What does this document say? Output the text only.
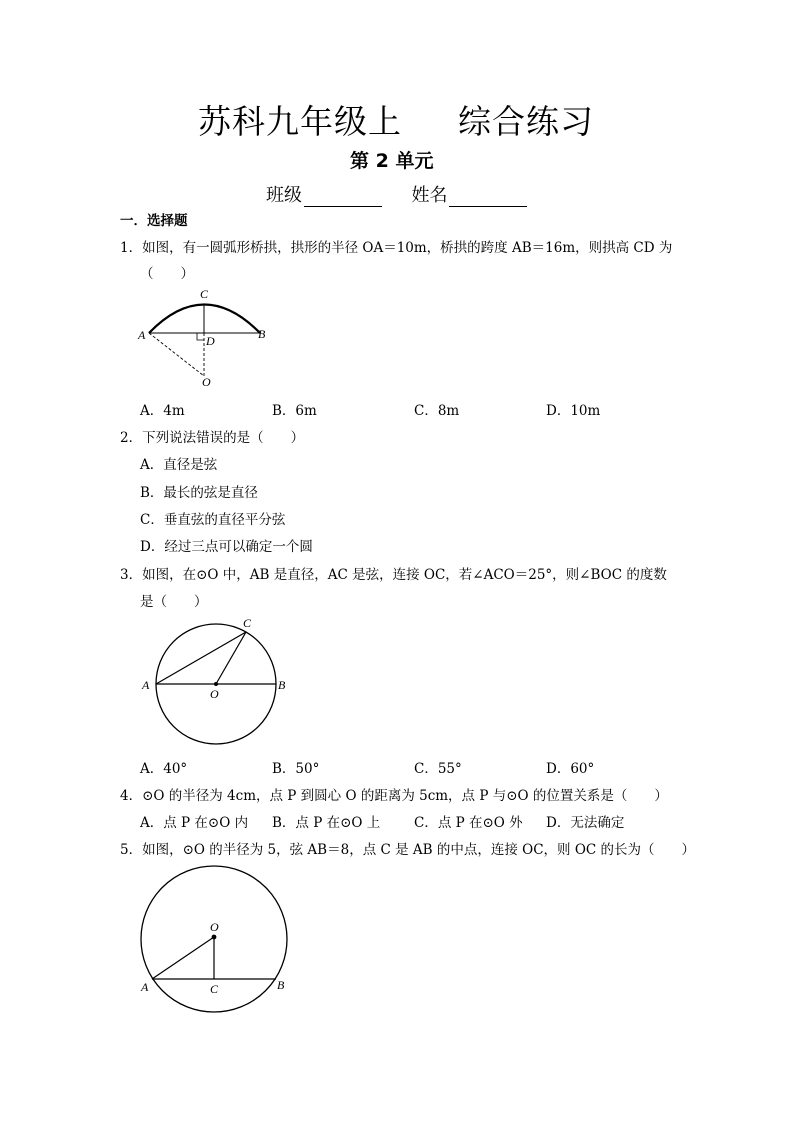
苏科九年级上 综合练习
第 2 单元
班级	姓名
一．选择题
1．如图，有一圆弧形桥拱，拱形的半径 OA＝10m，桥拱的跨度 AB＝16m，则拱高 CD 为
（　　）
C
A	B
D
O
A．4m	B．6m	C．8m	D．10m
2．下列说法错误的是（　　）
A．直径是弦
B．最长的弦是直径
C．垂直弦的直径平分弦
D．经过三点可以确定一个圆
3．如图，在⊙O 中，AB 是直径，AC 是弦，连接 OC，若∠ACO＝25°，则∠BOC 的度数
是（　　）
C
A	B
O
A．40°	B．50°	C．55°	D．60°
4．⊙O 的半径为 4cm，点 P 到圆心 O 的距离为 5cm，点 P 与⊙O 的位置关系是（　　）
A．点 P 在⊙O 内 B．点 P 在⊙O 上 C．点 P 在⊙O 外 D．无法确定
5．如图，⊙O 的半径为 5，弦 AB＝8，点 C 是 AB 的中点，连接 OC，则 OC 的长为（　　）
O
A	B
C
